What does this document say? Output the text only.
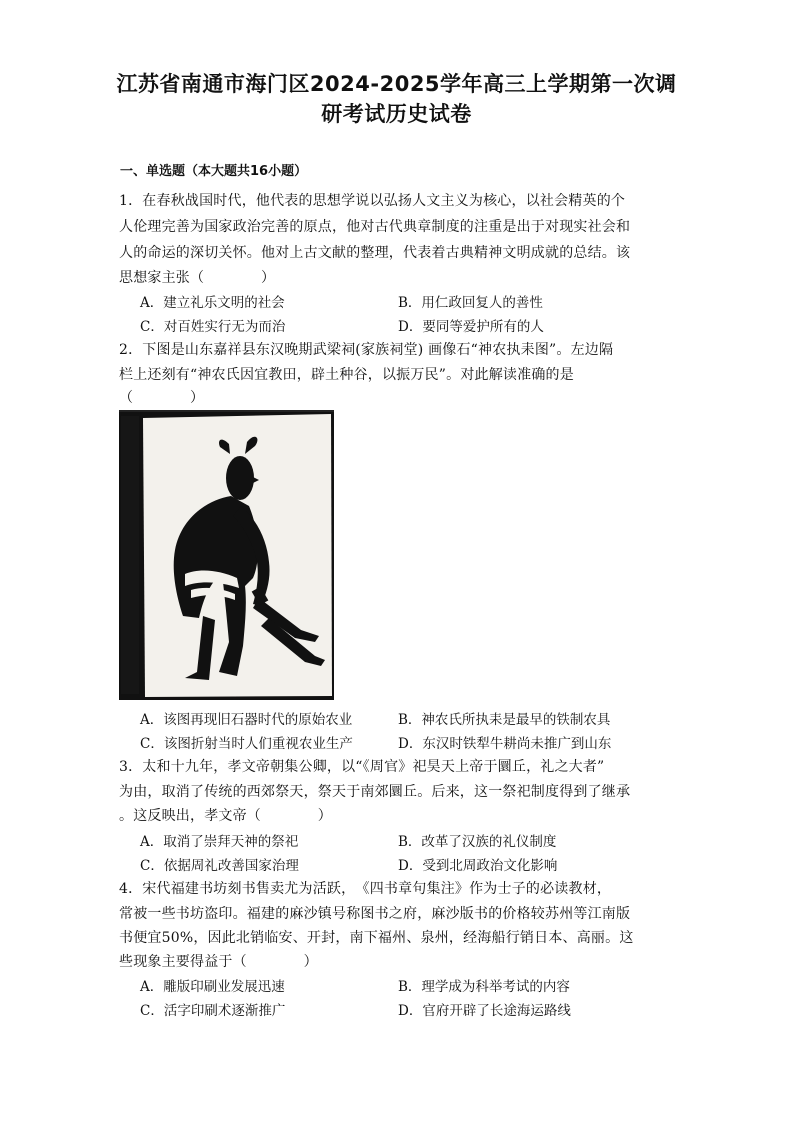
江苏省南通市海门区2024-2025学年高三上学期第一次调
研考试历史试卷
一、单选题（本大题共16小题）
1．在春秋战国时代，他代表的思想学说以弘扬人文主义为核心，以社会精英的个
人伦理完善为国家政治完善的原点，他对古代典章制度的注重是出于对现实社会和
人的命运的深切关怀。他对上古文献的整理，代表着古典精神文明成就的总结。该
思想家主张（　　　　）
A．建立礼乐文明的社会	B．用仁政回复人的善性
C．对百姓实行无为而治	D．要同等爱护所有的人
2．下图是山东嘉祥县东汉晚期武梁祠(家族祠堂) 画像石“神农执耒图”。左边隔
栏上还刻有“神农氏因宜教田，辟土种谷，以振万民”。对此解读准确的是
（　　　　）
A．该图再现旧石器时代的原始农业	B．神农氏所执耒是最早的铁制农具
C．该图折射当时人们重视农业生产	D．东汉时铁犁牛耕尚未推广到山东
3．太和十九年，孝文帝朝集公卿，以“《周官》祀昊天上帝于圜丘，礼之大者”
为由，取消了传统的西郊祭天，祭天于南郊圜丘。后来，这一祭祀制度得到了继承
。这反映出，孝文帝（　　　　）
A．取消了崇拜天神的祭祀	B．改革了汉族的礼仪制度
C．依据周礼改善国家治理	D．受到北周政治文化影响
4．宋代福建书坊刻书售卖尤为活跃，　《四书章句集注》作为士子的必读教材，
常被一些书坊盗印。福建的麻沙镇号称图书之府，麻沙版书的价格较苏州等江南版
书便宜50%，因此北销临安、开封，南下福州、泉州，经海船行销日本、高丽。这
些现象主要得益于（　　　　）
A．雕版印刷业发展迅速	B．理学成为科举考试的内容
C．活字印刷术逐渐推广	D．官府开辟了长途海运路线
